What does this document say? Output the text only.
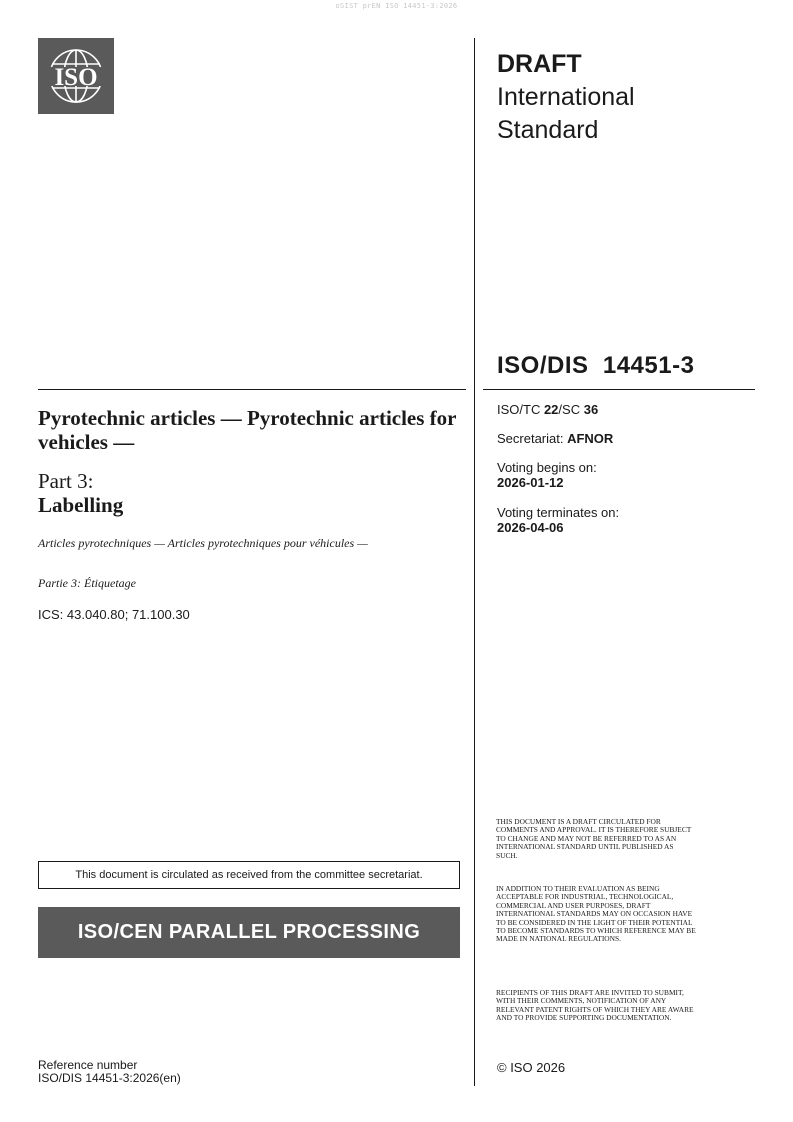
oSIST prEN ISO 14451-3:2026
ISO	DRAFT
International
Standard
ISO/DIS  14451-3
ISO/TC 22/SC 36
Secretariat: AFNOR
Voting begins on:
2026-01-12
Voting terminates on:
2026-04-06
Pyrotechnic articles — Pyrotechnic articles for vehicles —
Part 3:
Labelling
Articles pyrotechniques — Articles pyrotechniques pour véhicules —
Partie 3: Étiquetage
ICS: 43.040.80; 71.100.30
This document is circulated as received from the committee secretariat.
ISO/CEN PARALLEL PROCESSING
THIS DOCUMENT IS A DRAFT CIRCULATED FOR COMMENTS AND APPROVAL. IT IS THEREFORE SUBJECT TO CHANGE AND MAY NOT BE REFERRED TO AS AN INTERNATIONAL STANDARD UNTIL PUBLISHED AS SUCH.
IN ADDITION TO THEIR EVALUATION AS BEING ACCEPTABLE FOR INDUSTRIAL, TECHNOLOGICAL, COMMERCIAL AND USER PURPOSES, DRAFT INTERNATIONAL STANDARDS MAY ON OCCASION HAVE TO BE CONSIDERED IN THE LIGHT OF THEIR POTENTIAL TO BECOME STANDARDS TO WHICH REFERENCE MAY BE MADE IN NATIONAL REGULATIONS.
RECIPIENTS OF THIS DRAFT ARE INVITED TO SUBMIT, WITH THEIR COMMENTS, NOTIFICATION OF ANY RELEVANT PATENT RIGHTS OF WHICH THEY ARE AWARE AND TO PROVIDE SUPPORTING DOCUMENTATION.
© ISO 2026
Reference number
ISO/DIS 14451-3:2026(en)
